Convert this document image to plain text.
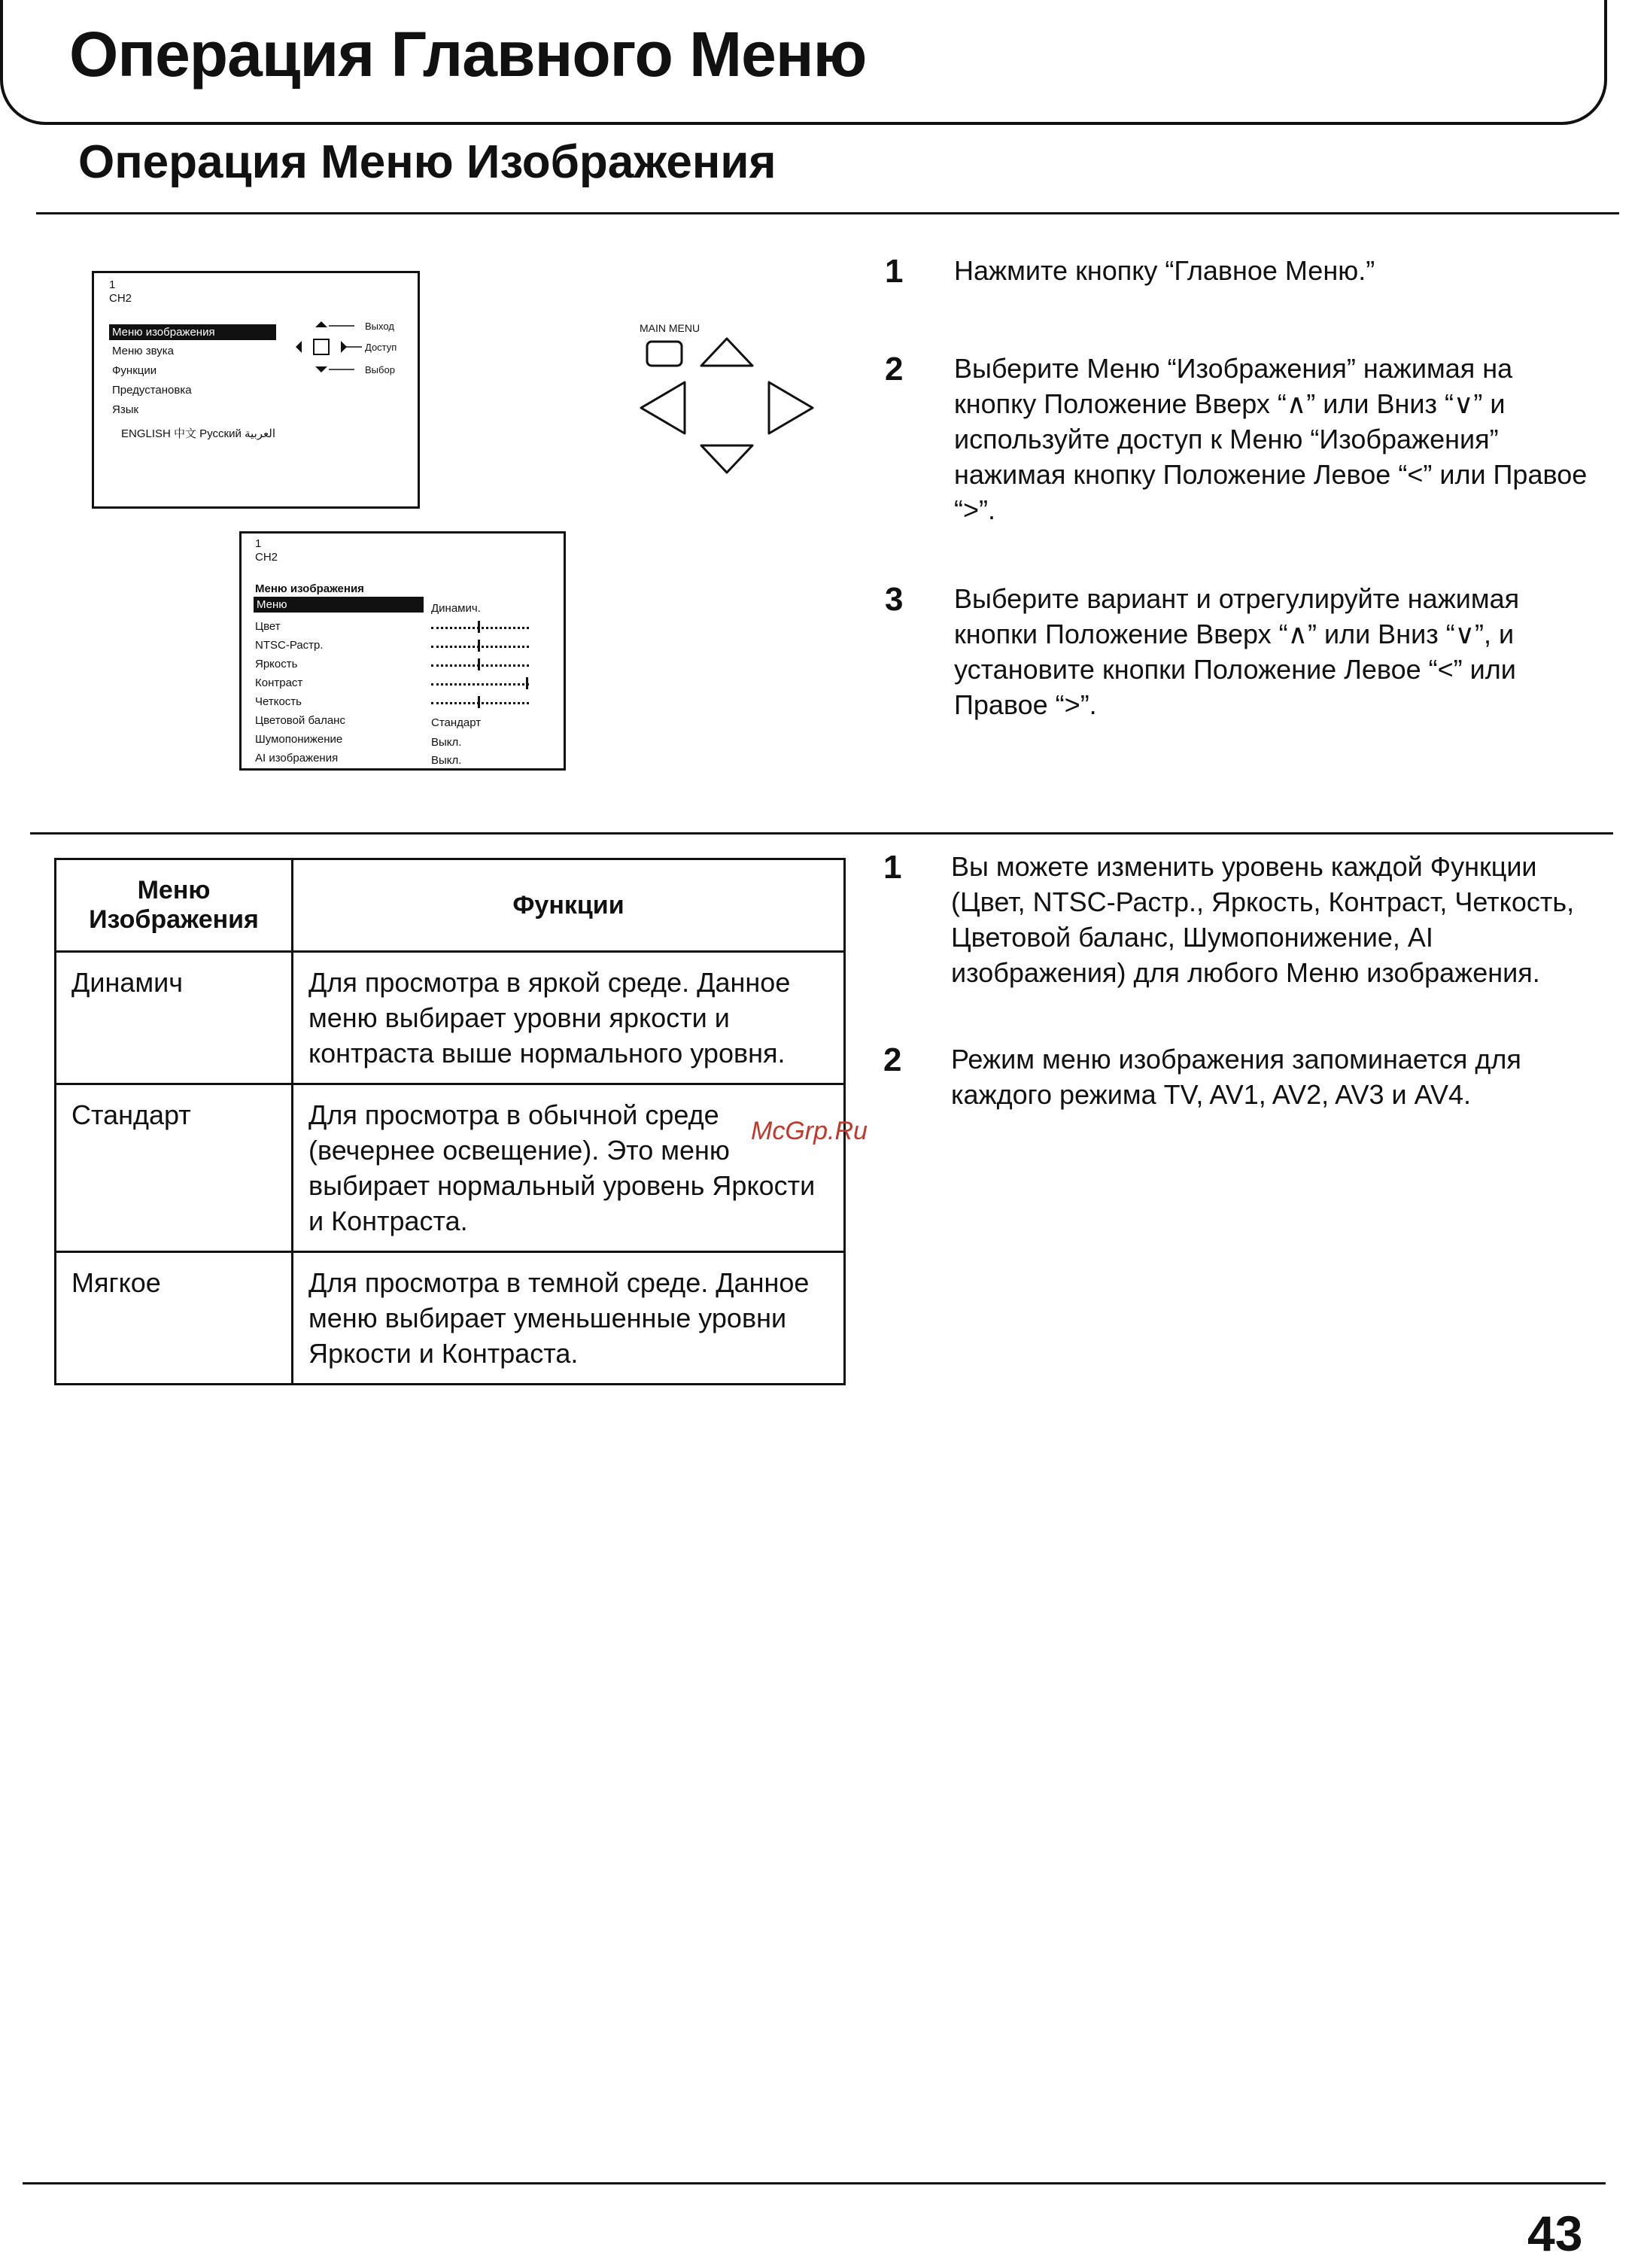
Операция Главного Меню
Операция Меню Изображения
1
CH2
Меню изображения
Меню звука
Функции
Предустановка
Язык
ENGLISH 中文 Русский العربية
Выход
Доступ
Выбор
MAIN MENU
1
CH2
Меню изображения
Меню	Динамич.
Цвет
NTSC-Растр.
Яркость
Контраст
Четкость
Цветовой баланс	Стандарт
Шумопонижение	Выкл.
AI изображения	Выкл.
1 Нажмите кнопку “Главное Меню.”
2 Выберите Меню “Изображения” нажимая на кнопку Положение Вверх “∧” или Вниз “∨” и используйте доступ к Меню “Изображения” нажимая кнопку Положение Левое “<” или Правое “>”.
3 Выберите вариант и отрегулируйте нажимая кнопки Положение Вверх “∧” или Вниз “∨”, и установите кнопки Положение Левое “<” или Правое “>”.
Меню Изображения	Функции
Динамич	Для просмотра в яркой среде. Данное меню выбирает уровни яркости и контраста выше нормального уровня.
Стандарт	Для просмотра в обычной среде (вечернее освещение). Это меню выбирает нормальный уровень Яркости и Контраста.
Мягкое	Для просмотра в темной среде. Данное меню выбирает уменьшенные уровни Яркости и Контраста.
1 Вы можете изменить уровень каждой Функции (Цвет, NTSC-Растр., Яркость, Контраст, Четкость, Цветовой баланс, Шумопонижение, AI изображения) для любого Меню изображения.
2 Режим меню изображения запоминается для каждого режима TV, AV1, AV2, AV3 и AV4.
McGrp.Ru
43
